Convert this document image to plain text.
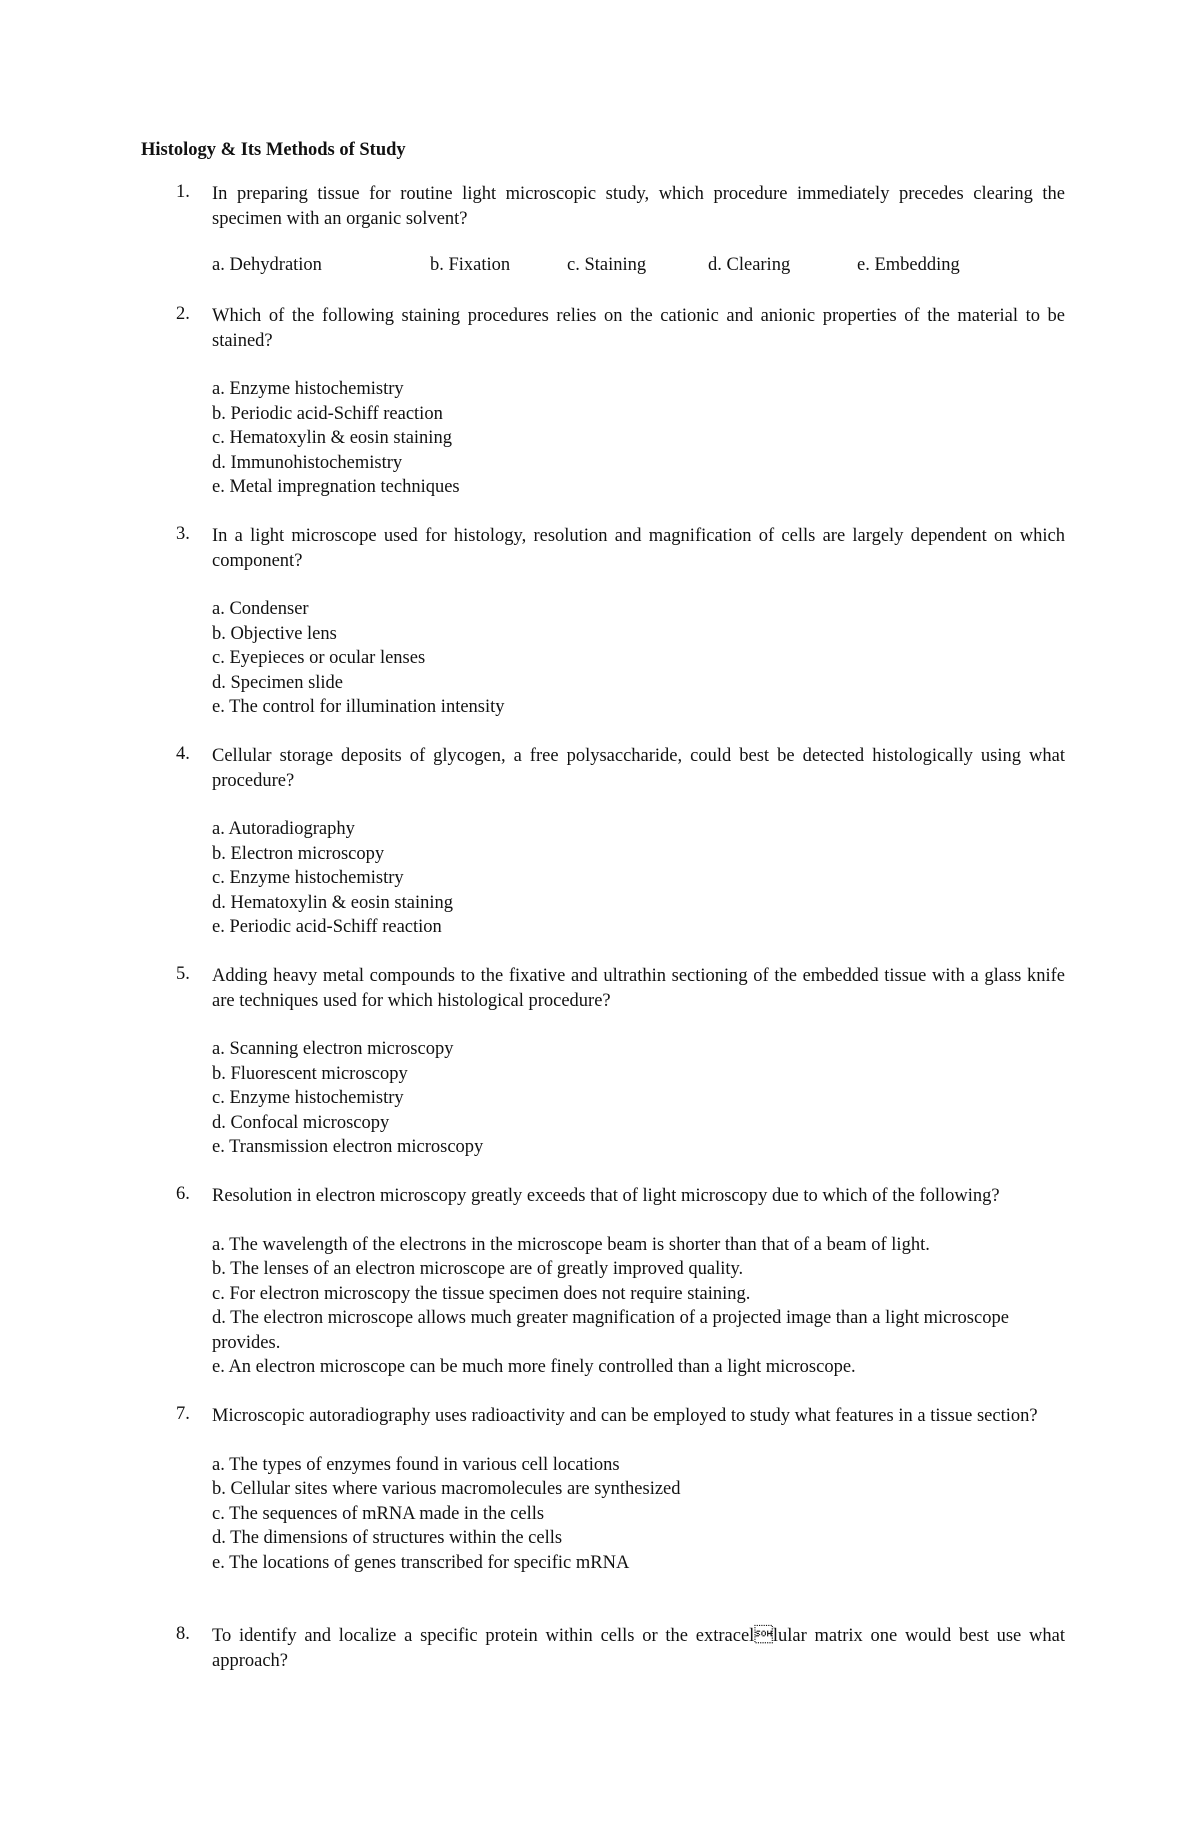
Histology & Its Methods of Study
1. In preparing tissue for routine light microscopic study, which procedure immediately precedes clearing the specimen with an organic solvent?
a. Dehydration	b. Fixation	c. Staining	d. Clearing	e. Embedding
2. Which of the following staining procedures relies on the cationic and anionic properties of the material to be stained?
a. Enzyme histochemistry
b. Periodic acid-Schiff reaction
c. Hematoxylin & eosin staining
d. Immunohistochemistry
e. Metal impregnation techniques
3. In a light microscope used for histology, resolution and magnification of cells are largely dependent on which component?
a. Condenser
b. Objective lens
c. Eyepieces or ocular lenses
d. Specimen slide
e. The control for illumination intensity
4. Cellular storage deposits of glycogen, a free polysaccharide, could best be detected histologically using what procedure?
a. Autoradiography
b. Electron microscopy
c. Enzyme histochemistry
d. Hematoxylin & eosin staining
e. Periodic acid-Schiff reaction
5. Adding heavy metal compounds to the fixative and ultrathin sectioning of the embedded tissue with a glass knife are techniques used for which histological procedure?
a. Scanning electron microscopy
b. Fluorescent microscopy
c. Enzyme histochemistry
d. Confocal microscopy
e. Transmission electron microscopy
6. Resolution in electron microscopy greatly exceeds that of light microscopy due to which of the following?
a. The wavelength of the electrons in the microscope beam is shorter than that of a beam of light.
b. The lenses of an electron microscope are of greatly improved quality.
c. For electron microscopy the tissue specimen does not require staining.
d. The electron microscope allows much greater magnification of a projected image than a light microscope provides.
e. An electron microscope can be much more finely controlled than a light microscope.
7. Microscopic autoradiography uses radioactivity and can be employed to study what features in a tissue section?
a. The types of enzymes found in various cell locations
b. Cellular sites where various macromolecules are synthesized
c. The sequences of mRNA made in the cells
d. The dimensions of structures within the cells
e. The locations of genes transcribed for specific mRNA
8. To identify and localize a specific protein within cells or the extracellular matrix one would best use what approach?
